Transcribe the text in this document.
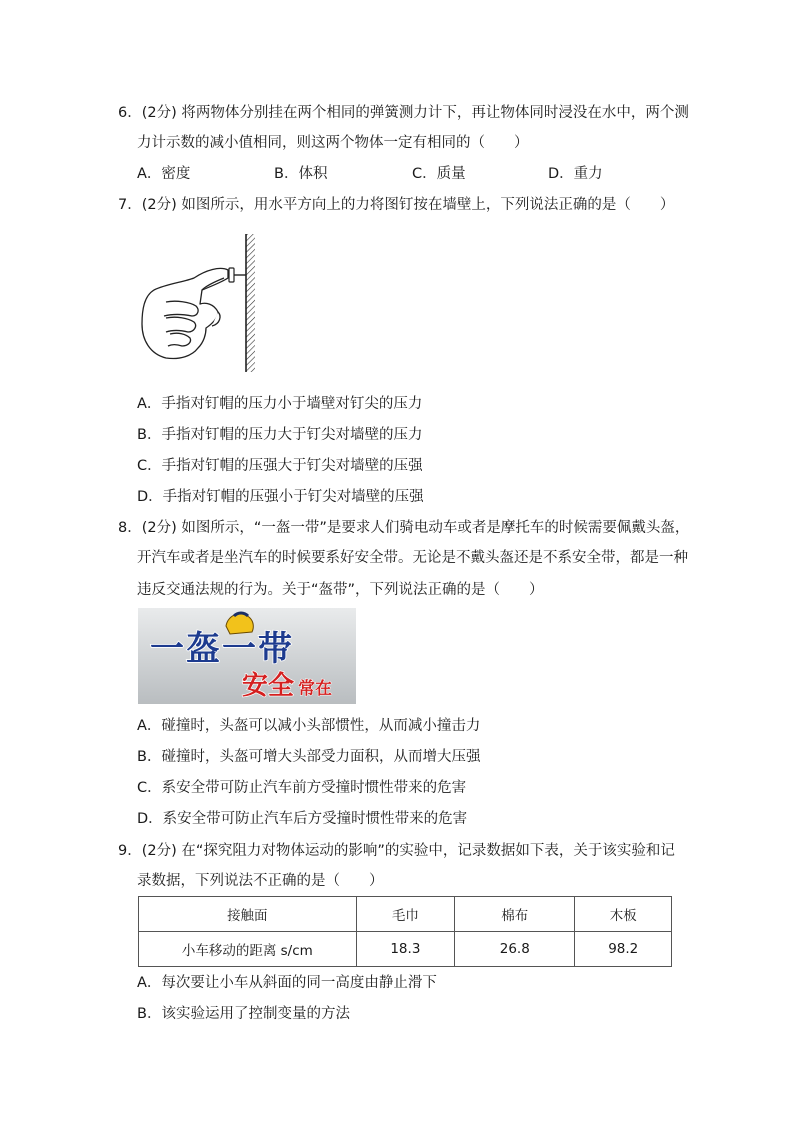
6．(2分) 将两物体分别挂在两个相同的弹簧测力计下，再让物体同时浸没在水中，两个测
力计示数的减小值相同，则这两个物体一定有相同的（　　）
A．密度	B．体积	C．质量	D．重力
7．(2分) 如图所示，用水平方向上的力将图钉按在墙壁上，下列说法正确的是（　　）
A．手指对钉帽的压力小于墙壁对钉尖的压力
B．手指对钉帽的压力大于钉尖对墙壁的压力
C．手指对钉帽的压强大于钉尖对墙壁的压强
D．手指对钉帽的压强小于钉尖对墙壁的压强
8．(2分) 如图所示，“一盔一带”是要求人们骑电动车或者是摩托车的时候需要佩戴头盔，
开汽车或者是坐汽车的时候要系好安全带。无论是不戴头盔还是不系安全带，都是一种
违反交通法规的行为。关于“盔带”，下列说法正确的是（　　）
一盔一带
安全 常在
A．碰撞时，头盔可以减小头部惯性，从而减小撞击力
B．碰撞时，头盔可增大头部受力面积，从而增大压强
C．系安全带可防止汽车前方受撞时惯性带来的危害
D．系安全带可防止汽车后方受撞时惯性带来的危害
9．(2分) 在“探究阻力对物体运动的影响”的实验中，记录数据如下表，关于该实验和记
录数据，下列说法不正确的是（　　）
接触面	毛巾	棉布	木板
小车移动的距离 s/cm	18.3	26.8	98.2
A．每次要让小车从斜面的同一高度由静止滑下
B．该实验运用了控制变量的方法
